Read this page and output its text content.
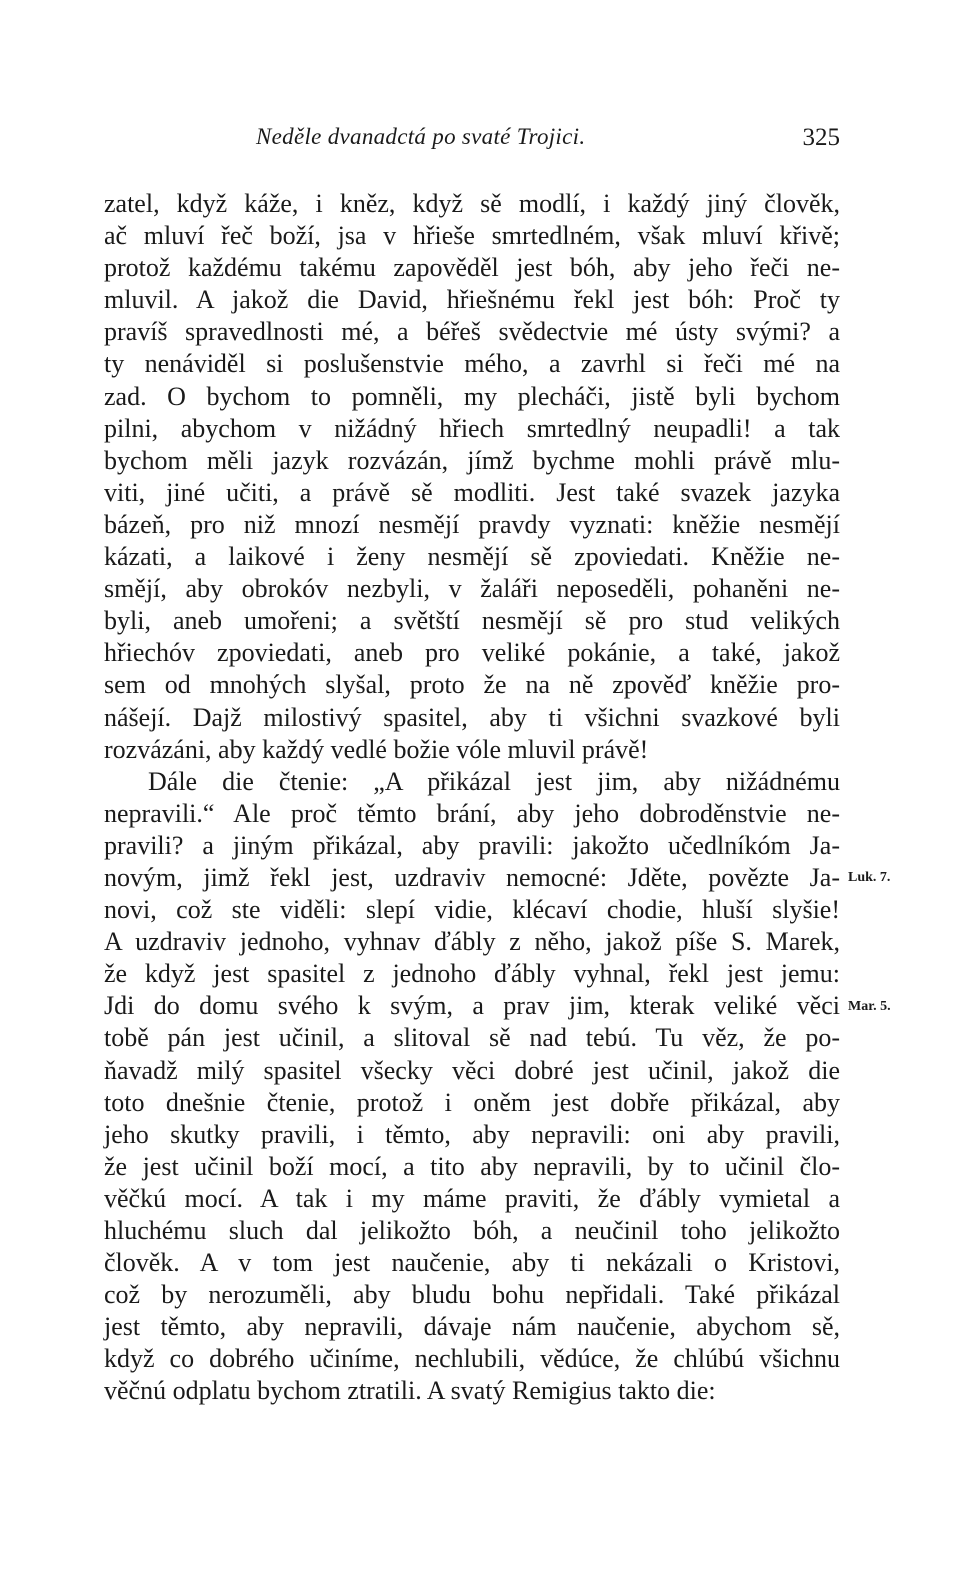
Neděle dvanadctá po svaté Trojici.	325
zatel, když káže, i kněz, když sě modlí, i každý jiný člověk,
ač mluví řeč boží, jsa v hřieše smrtedlném, však mluví křivě;
protož každému takému zapověděl jest bóh, aby jeho řeči ne-
mluvil. A jakož die David, hřiešnému řekl jest bóh: Proč ty
pravíš spravedlnosti mé, a béřeš svědectvie mé ústy svými? a
ty nenáviděl si poslušenstvie mého, a zavrhl si řeči mé na
zad. O bychom to pomněli, my plecháči, jistě byli bychom
pilni, abychom v nižádný hřiech smrtedlný neupadli! a tak
bychom měli jazyk rozvázán, jímž bychme mohli právě mlu-
viti, jiné učiti, a právě sě modliti. Jest také svazek jazyka
bázeň, pro niž mnozí nesmějí pravdy vyznati: kněžie nesmějí
kázati, a laikové i ženy nesmějí sě zpoviedati. Kněžie ne-
smějí, aby obrokóv nezbyli, v žaláři neposeděli, pohaněni ne-
byli, aneb umořeni; a světští nesmějí sě pro stud velikých
hřiechóv zpoviedati, aneb pro veliké pokánie, a také, jakož
sem od mnohých slyšal, proto že na ně zpověď kněžie pro-
nášejí. Dajž milostivý spasitel, aby ti všichni svazkové byli
rozvázáni, aby každý vedlé božie vóle mluvil právě!
Dále die čtenie: „A přikázal jest jim, aby nižádnému
nepravili.“ Ale proč těmto brání, aby jeho dobroděnstvie ne-
pravili? a jiným přikázal, aby pravili: jakožto učedlníkóm Ja-
novým, jimž řekl jest, uzdraviv nemocné: Jděte, povězte Ja-
novi, což ste viděli: slepí vidie, klécaví chodie, hluší slyšie!
A uzdraviv jednoho, vyhnav ďábly z něho, jakož píše S. Marek,
že když jest spasitel z jednoho ďábly vyhnal, řekl jest jemu:
Jdi do domu svého k svým, a prav jim, kterak veliké věci
tobě pán jest učinil, a slitoval sě nad tebú. Tu věz, že po-
ňavadž milý spasitel všecky věci dobré jest učinil, jakož die
toto dnešnie čtenie, protož i oněm jest dobře přikázal, aby
jeho skutky pravili, i těmto, aby nepravili: oni aby pravili,
že jest učinil boží mocí, a tito aby nepravili, by to učinil člo-
věčkú mocí. A tak i my máme praviti, že ďábly vymietal a
hluchému sluch dal jelikožto bóh, a neučinil toho jelikožto
člověk. A v tom jest naučenie, aby ti nekázali o Kristovi,
což by nerozuměli, aby bludu bohu nepřidali. Také přikázal
jest těmto, aby nepravili, dávaje nám naučenie, abychom sě,
když co dobrého učiníme, nechlubili, vědúce, že chlúbú všichnu
věčnú odplatu bychom ztratili. A svatý Remigius takto die:
Luk. 7.
Mar. 5.
